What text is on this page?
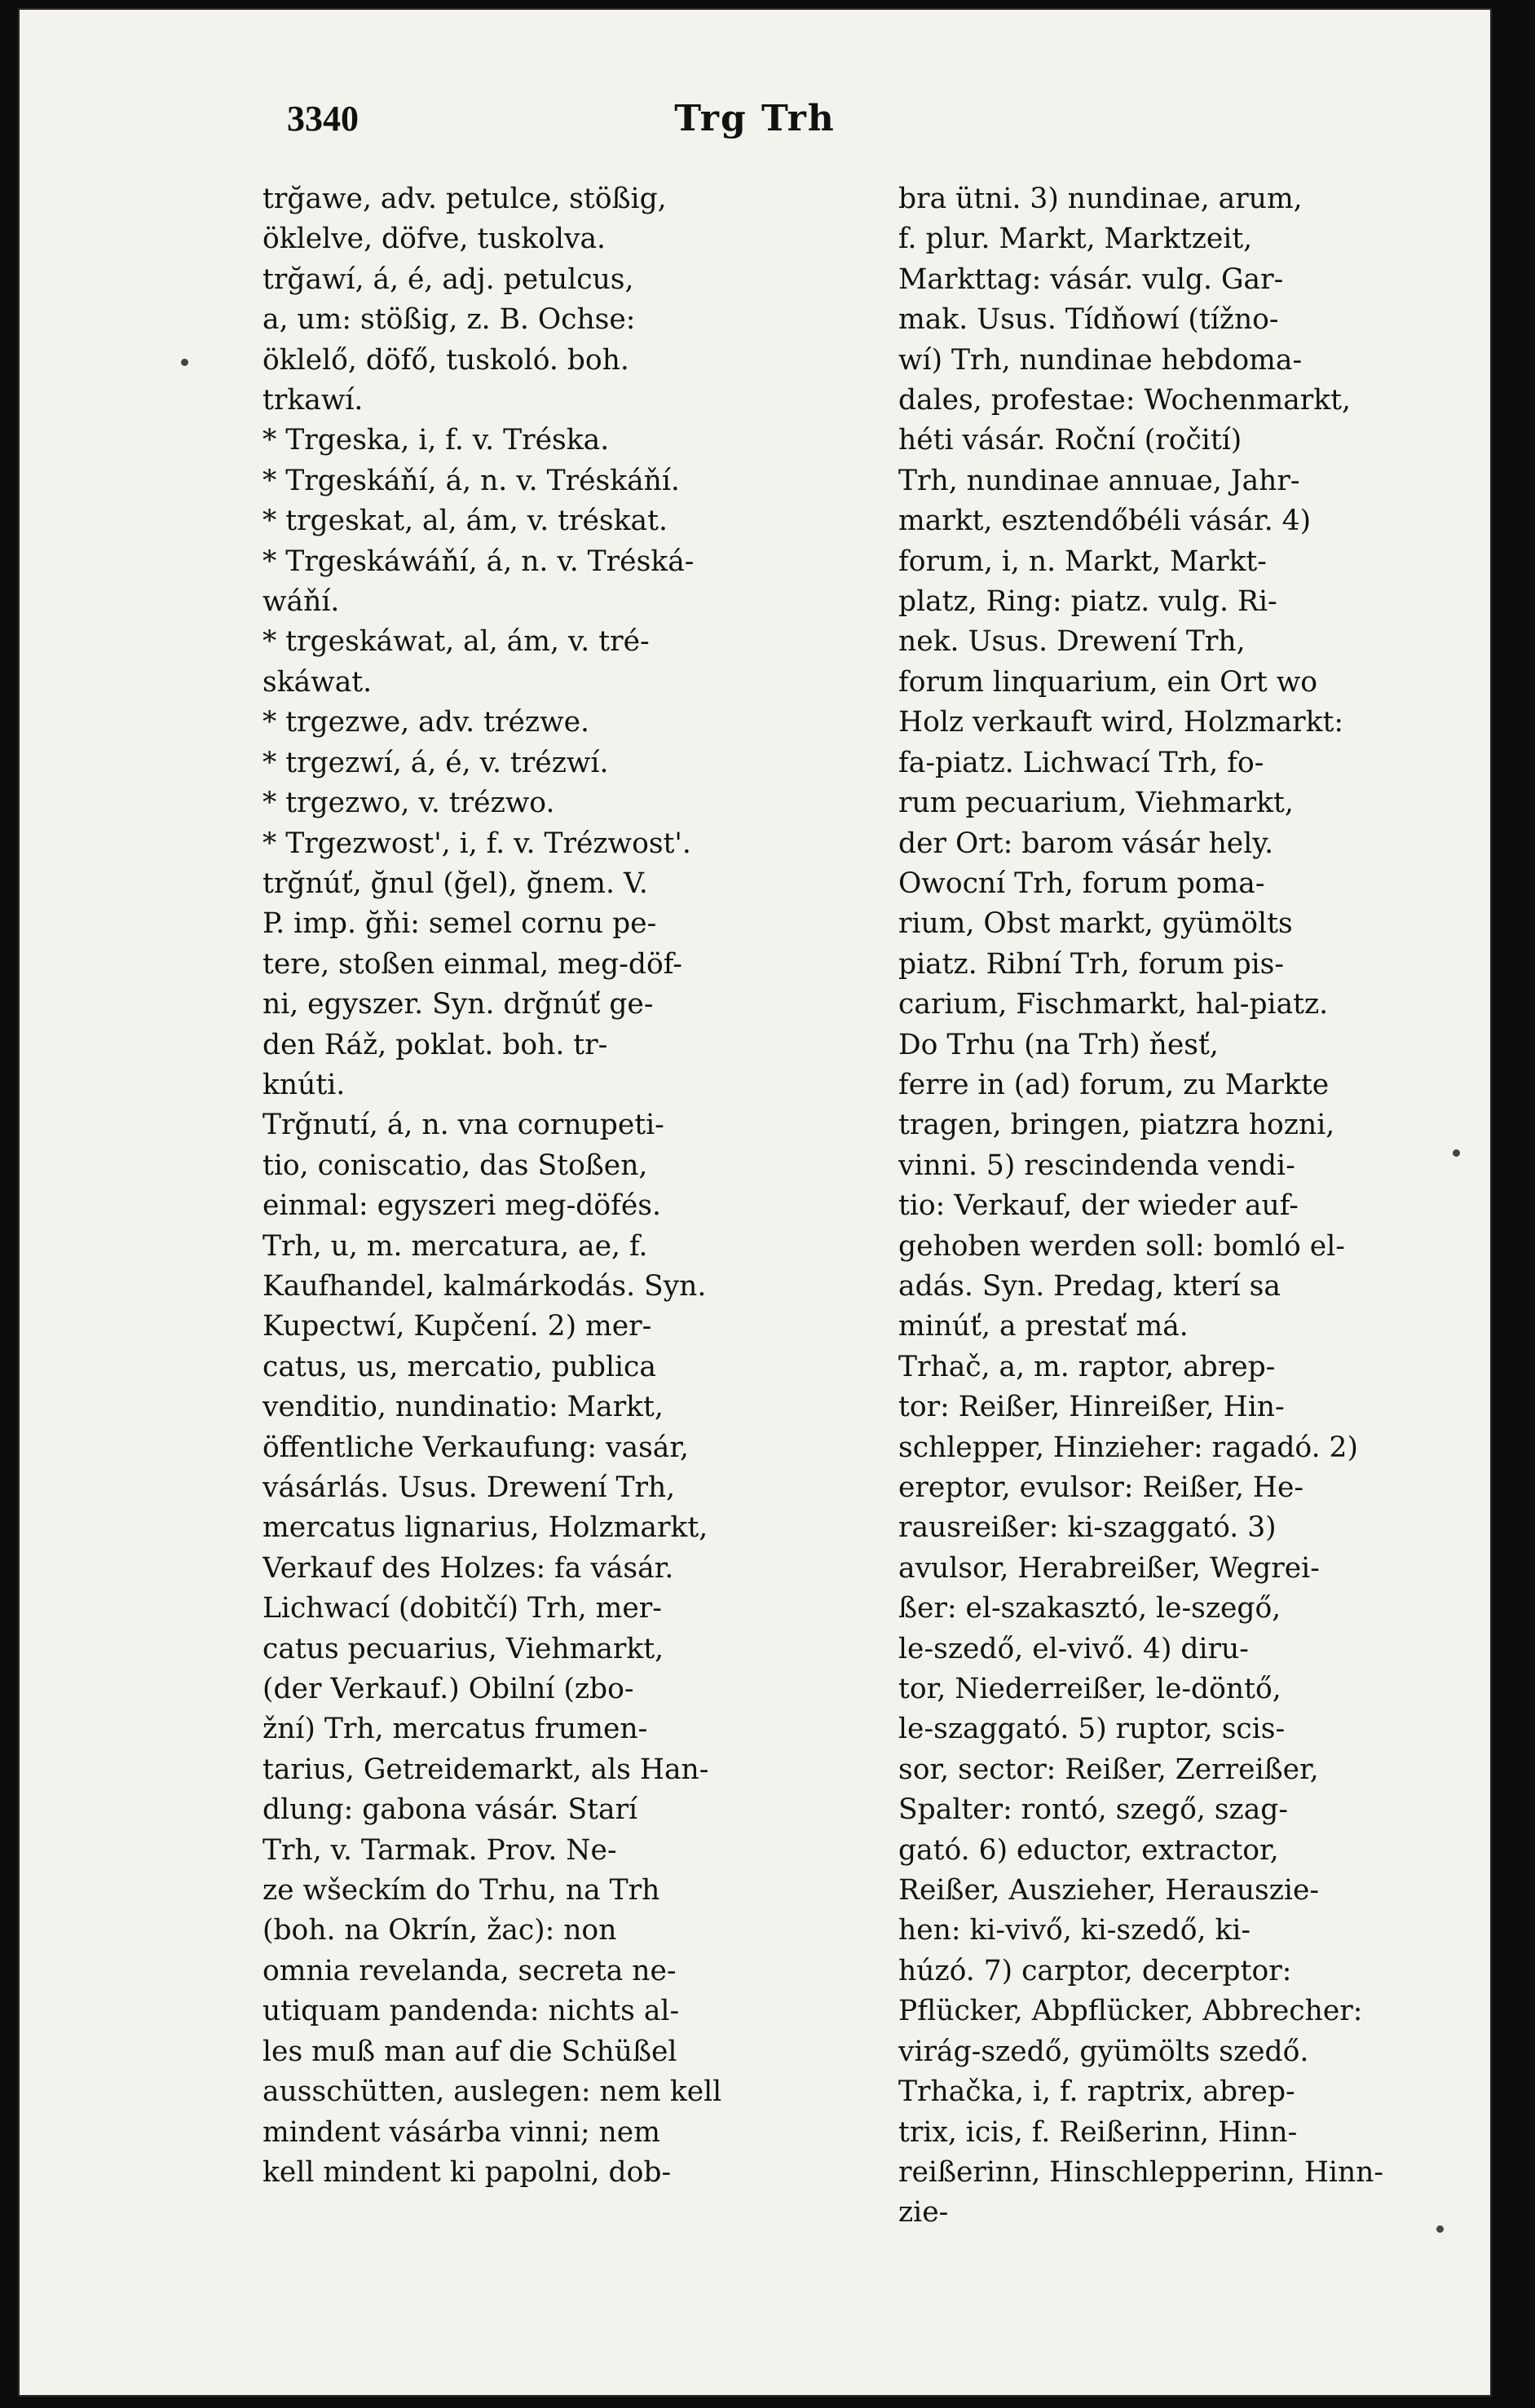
3340	Trg Trh
trğawe, adv. petulce, stößig,
öklelve, döfve, tuskolva.
trğawí, á, é, adj. petulcus,
a, um: stößig, z. B. Ochse:
öklelő, döfő, tuskoló. boh.
trkawí.
* Trgeska, i, f. v. Tréska.
* Trgeskáňí, á, n. v. Tréskáňí.
* trgeskat, al, ám, v. tréskat.
* Trgeskáwáňí, á, n. v. Tréská-
wáňí.
* trgeskáwat, al, ám, v. tré-
skáwat.
* trgezwe, adv. trézwe.
* trgezwí, á, é, v. trézwí.
* trgezwo, v. trézwo.
* Trgezwost', i, f. v. Trézwost'.
trğnúť, ğnul (ğel), ğnem. V.
P. imp. ğňi: semel cornu pe-
tere, stoßen einmal, meg-döf-
ni, egyszer. Syn. drğnúť ge-
den Ráž, poklat. boh. tr-
knúti.
Trğnutí, á, n. vna cornupeti-
tio, coniscatio, das Stoßen,
einmal: egyszeri meg-döfés.
Trh, u, m. mercatura, ae, f.
Kaufhandel, kalmárkodás. Syn.
Kupectwí, Kupčení. 2) mer-
catus, us, mercatio, publica
venditio, nundinatio: Markt,
öffentliche Verkaufung: vasár,
vásárlás. Usus. Drewení Trh,
mercatus lignarius, Holzmarkt,
Verkauf des Holzes: fa vásár.
Lichwací (dobitčí) Trh, mer-
catus pecuarius, Viehmarkt,
(der Verkauf.) Obilní (zbo-
žní) Trh, mercatus frumen-
tarius, Getreidemarkt, als Han-
dlung: gabona vásár. Starí
Trh, v. Tarmak. Prov. Ne-
ze wšeckím do Trhu, na Trh
(boh. na Okrín, žac): non
omnia revelanda, secreta ne-
utiquam pandenda: nichts al-
les muß man auf die Schüßel
ausschütten, auslegen: nem kell
mindent vásárba vinni; nem
kell mindent ki papolni, dob-
bra ütni. 3) nundinae, arum,
f. plur. Markt, Marktzeit,
Markttag: vásár. vulg. Gar-
mak. Usus. Tídňowí (tížno-
wí) Trh, nundinae hebdoma-
dales, profestae: Wochenmarkt,
héti vásár. Roční (ročití)
Trh, nundinae annuae, Jahr-
markt, esztendőbéli vásár. 4)
forum, i, n. Markt, Markt-
platz, Ring: piatz. vulg. Ri-
nek. Usus. Drewení Trh,
forum linquarium, ein Ort wo
Holz verkauft wird, Holzmarkt:
fa-piatz. Lichwací Trh, fo-
rum pecuarium, Viehmarkt,
der Ort: barom vásár hely.
Owocní Trh, forum poma-
rium, Obst markt, gyümölts
piatz. Ribní Trh, forum pis-
carium, Fischmarkt, hal-piatz.
Do Trhu (na Trh) ňesť,
ferre in (ad) forum, zu Markte
tragen, bringen, piatzra hozni,
vinni. 5) rescindenda vendi-
tio: Verkauf, der wieder auf-
gehoben werden soll: bomló el-
adás. Syn. Predag, kterí sa
minúť, a prestať má.
Trhač, a, m. raptor, abrep-
tor: Reißer, Hinreißer, Hin-
schlepper, Hinzieher: ragadó. 2)
ereptor, evulsor: Reißer, He-
rausreißer: ki-szaggató. 3)
avulsor, Herabreißer, Wegrei-
ßer: el-szakasztó, le-szegő,
le-szedő, el-vivő. 4) diru-
tor, Niederreißer, le-döntő,
le-szaggató. 5) ruptor, scis-
sor, sector: Reißer, Zerreißer,
Spalter: rontó, szegő, szag-
gató. 6) eductor, extractor,
Reißer, Auszieher, Herauszie-
hen: ki-vivő, ki-szedő, ki-
húzó. 7) carptor, decerptor:
Pflücker, Abpflücker, Abbrecher:
virág-szedő, gyümölts szedő.
Trhačka, i, f. raptrix, abrep-
trix, icis, f. Reißerinn, Hinn-
reißerinn, Hinschlepperinn, Hinn-
zie-
